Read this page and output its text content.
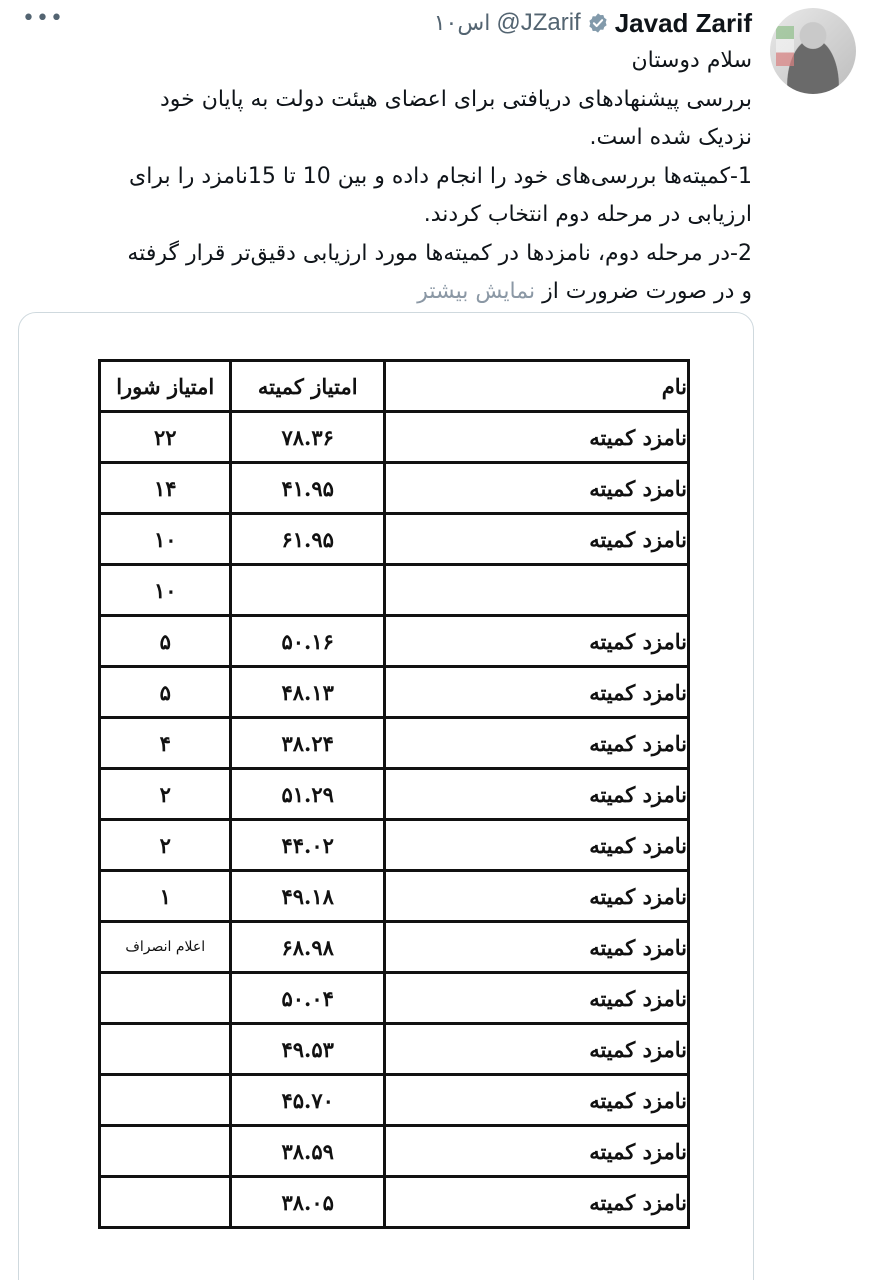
•••	Javad Zarif
@JZarif
۱۰اس
سلام دوستان
بررسی پیشنهادهای دریافتی برای اعضای هیئت دولت به پایان خود
نزدیک شده است.
1-کمیته‌ها بررسی‌های خود را انجام داده و بین 10 تا 15نامزد را برای
ارزیابی در مرحله دوم انتخاب کردند.
2-در مرحله دوم، نامزدها در کمیته‌ها مورد ارزیابی دقیق‌تر قرار گرفته
و در صورت ضرورت از نمایش بیشتر
نام	امتیاز کمیته	امتیاز شورا
نامزد کمیته	۷۸.۳۶	۲۲
نامزد کمیته	۴۱.۹۵	۱۴
نامزد کمیته	۶۱.۹۵	۱۰
		۱۰
نامزد کمیته	۵۰.۱۶	۵
نامزد کمیته	۴۸.۱۳	۵
نامزد کمیته	۳۸.۲۴	۴
نامزد کمیته	۵۱.۲۹	۲
نامزد کمیته	۴۴.۰۲	۲
نامزد کمیته	۴۹.۱۸	۱
نامزد کمیته	۶۸.۹۸	اعلام انصراف
نامزد کمیته	۵۰.۰۴	
نامزد کمیته	۴۹.۵۳	
نامزد کمیته	۴۵.۷۰	
نامزد کمیته	۳۸.۵۹	
نامزد کمیته	۳۸.۰۵	
